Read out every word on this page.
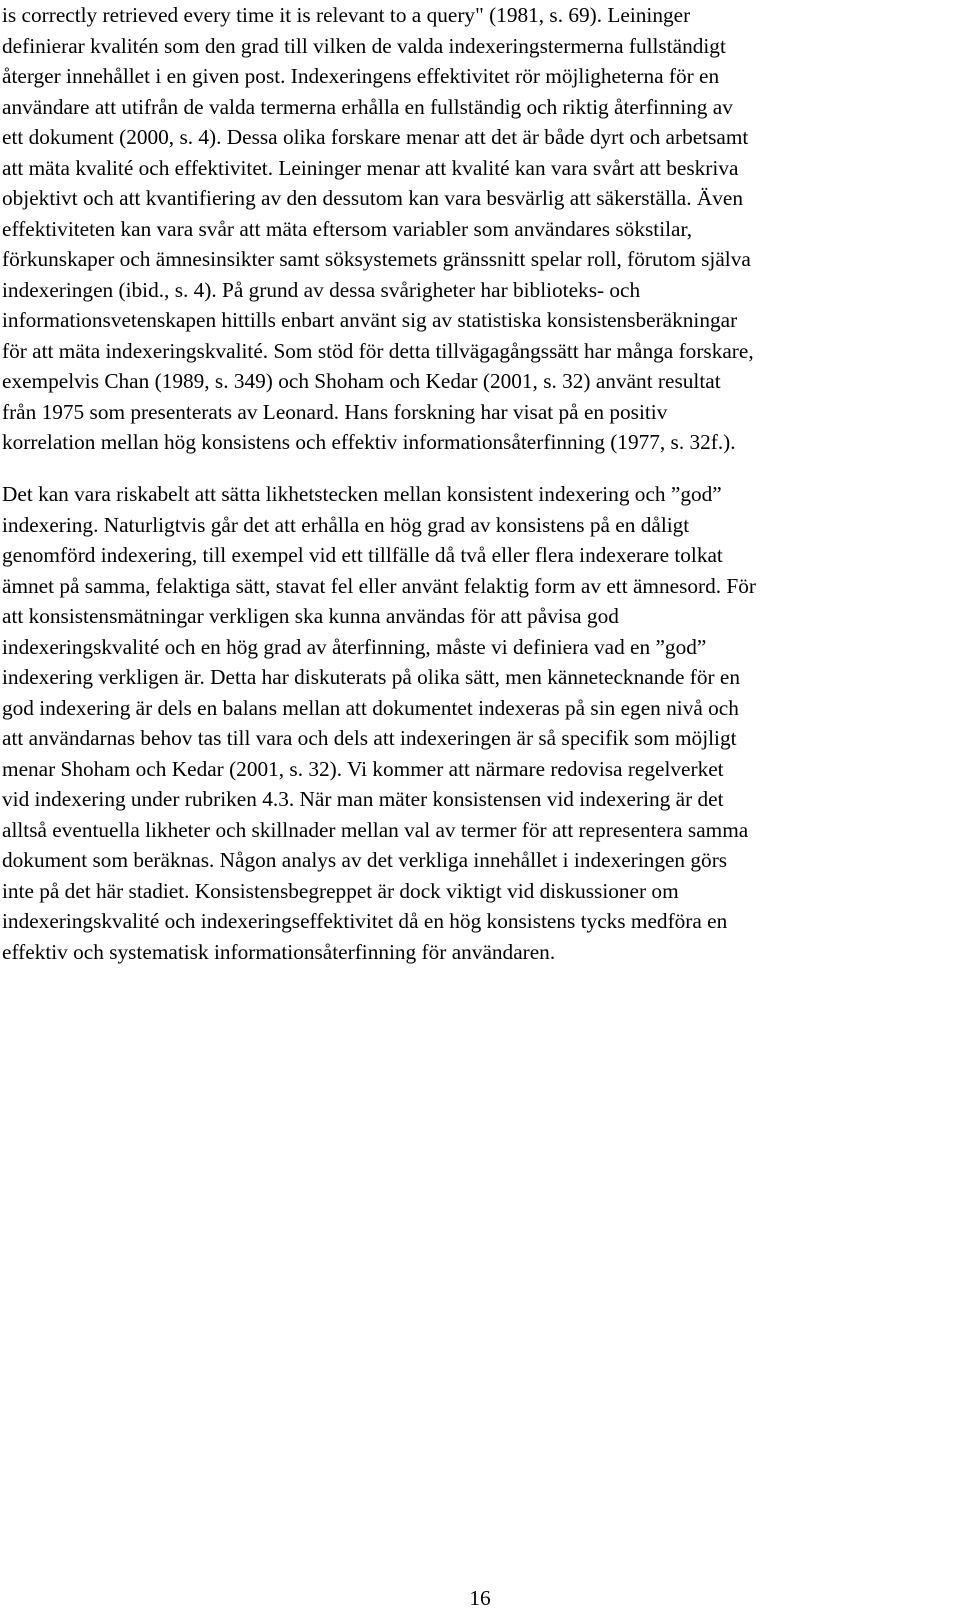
is correctly retrieved every time it is relevant to a query" (1981, s. 69). Leininger
definierar kvalitén som den grad till vilken de valda indexeringstermerna fullständigt
återger innehållet i en given post. Indexeringens effektivitet rör möjligheterna för en
användare att utifrån de valda termerna erhålla en fullständig och riktig återfinning av
ett dokument (2000, s. 4). Dessa olika forskare menar att det är både dyrt och arbetsamt
att mäta kvalité och effektivitet. Leininger menar att kvalité kan vara svårt att beskriva
objektivt och att kvantifiering av den dessutom kan vara besvärlig att säkerställa. Även
effektiviteten kan vara svår att mäta eftersom variabler som användares sökstilar,
förkunskaper och ämnesinsikter samt söksystemets gränssnitt spelar roll, förutom själva
indexeringen (ibid., s. 4). På grund av dessa svårigheter har biblioteks- och
informationsvetenskapen hittills enbart använt sig av statistiska konsistensberäkningar
för att mäta indexeringskvalité. Som stöd för detta tillvägagångssätt har många forskare,
exempelvis Chan (1989, s. 349) och Shoham och Kedar (2001, s. 32) använt resultat
från 1975 som presenterats av Leonard. Hans forskning har visat på en positiv
korrelation mellan hög konsistens och effektiv informationsåterfinning (1977, s. 32f.).
Det kan vara riskabelt att sätta likhetstecken mellan konsistent indexering och ”god”
indexering. Naturligtvis går det att erhålla en hög grad av konsistens på en dåligt
genomförd indexering, till exempel vid ett tillfälle då två eller flera indexerare tolkat
ämnet på samma, felaktiga sätt, stavat fel eller använt felaktig form av ett ämnesord. För
att konsistensmätningar verkligen ska kunna användas för att påvisa god
indexeringskvalité och en hög grad av återfinning, måste vi definiera vad en ”god”
indexering verkligen är. Detta har diskuterats på olika sätt, men kännetecknande för en
god indexering är dels en balans mellan att dokumentet indexeras på sin egen nivå och
att användarnas behov tas till vara och dels att indexeringen är så specifik som möjligt
menar Shoham och Kedar (2001, s. 32). Vi kommer att närmare redovisa regelverket
vid indexering under rubriken 4.3. När man mäter konsistensen vid indexering är det
alltså eventuella likheter och skillnader mellan val av termer för att representera samma
dokument som beräknas. Någon analys av det verkliga innehållet i indexeringen görs
inte på det här stadiet. Konsistensbegreppet är dock viktigt vid diskussioner om
indexeringskvalité och indexeringseffektivitet då en hög konsistens tycks medföra en
effektiv och systematisk informationsåterfinning för användaren.
16
